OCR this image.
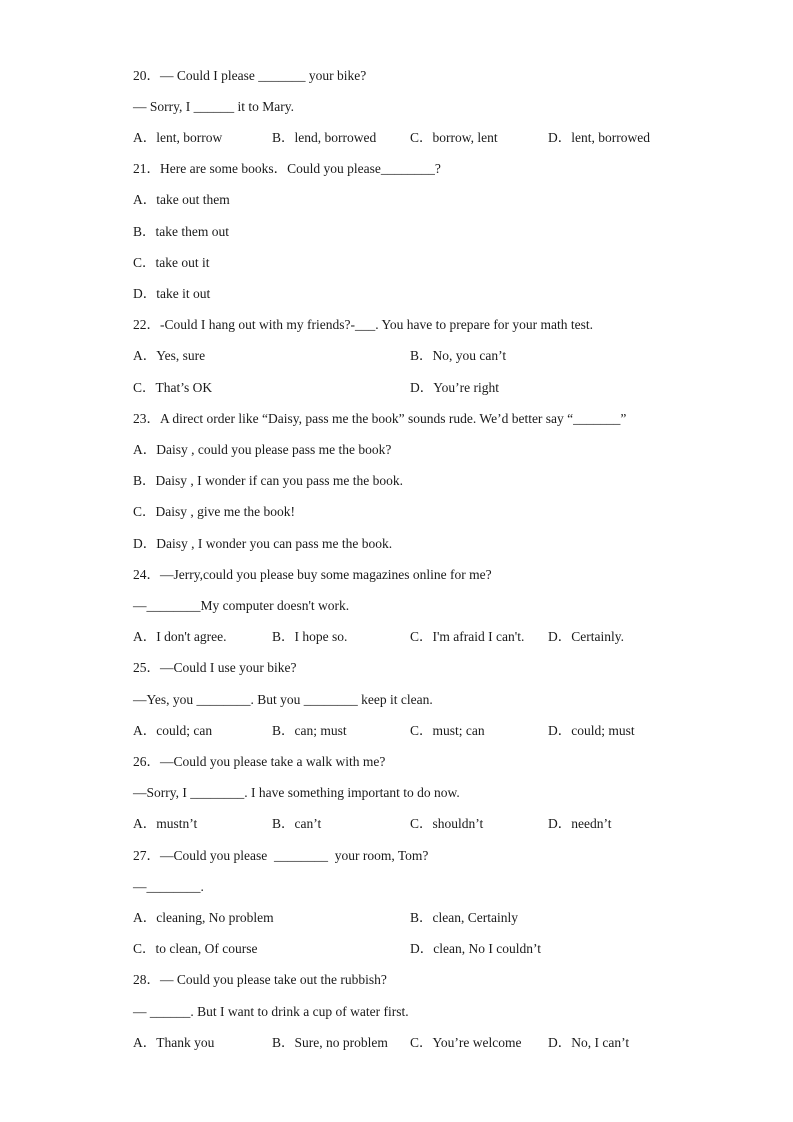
20．— Could I please _______ your bike?
— Sorry, I ______ it to Mary.
A．lent, borrow	B．lend, borrowed	C．borrow, lent	D．lent, borrowed
21．Here are some books．Could you please________?
A．take out them
B．take them out
C．take out it
D．take it out
22．-Could I hang out with my friends?-___. You have to prepare for your math test.
A．Yes, sure	B．No, you can’t
C．That’s OK	D．You’re right
23．A direct order like “Daisy, pass me the book” sounds rude. We’d better say “_______”
A．Daisy , could you please pass me the book?
B．Daisy , I wonder if can you pass me the book.
C．Daisy , give me the book!
D．Daisy , I wonder you can pass me the book.
24．—Jerry,could you please buy some magazines online for me?
—________My computer doesn't work.
A．I don't agree.	B．I hope so.	C．I'm afraid I can't. D．Certainly.
25．—Could I use your bike?
—Yes, you ________. But you ________ keep it clean.
A．could; can	B．can; must	C．must; can	D．could; must
26．—Could you please take a walk with me?
—Sorry, I ________. I have something important to do now.
A．mustn’t	B．can’t	C．shouldn’t	D．needn’t
27．—Could you please  ________  your room, Tom?
—________.
A．cleaning, No problem	B．clean, Certainly
C．to clean, Of course	D．clean, No I couldn’t
28．— Could you please take out the rubbish?
— ______. But I want to drink a cup of water first.
A．Thank you	B．Sure, no problem C．You’re welcome D．No, I can’t
